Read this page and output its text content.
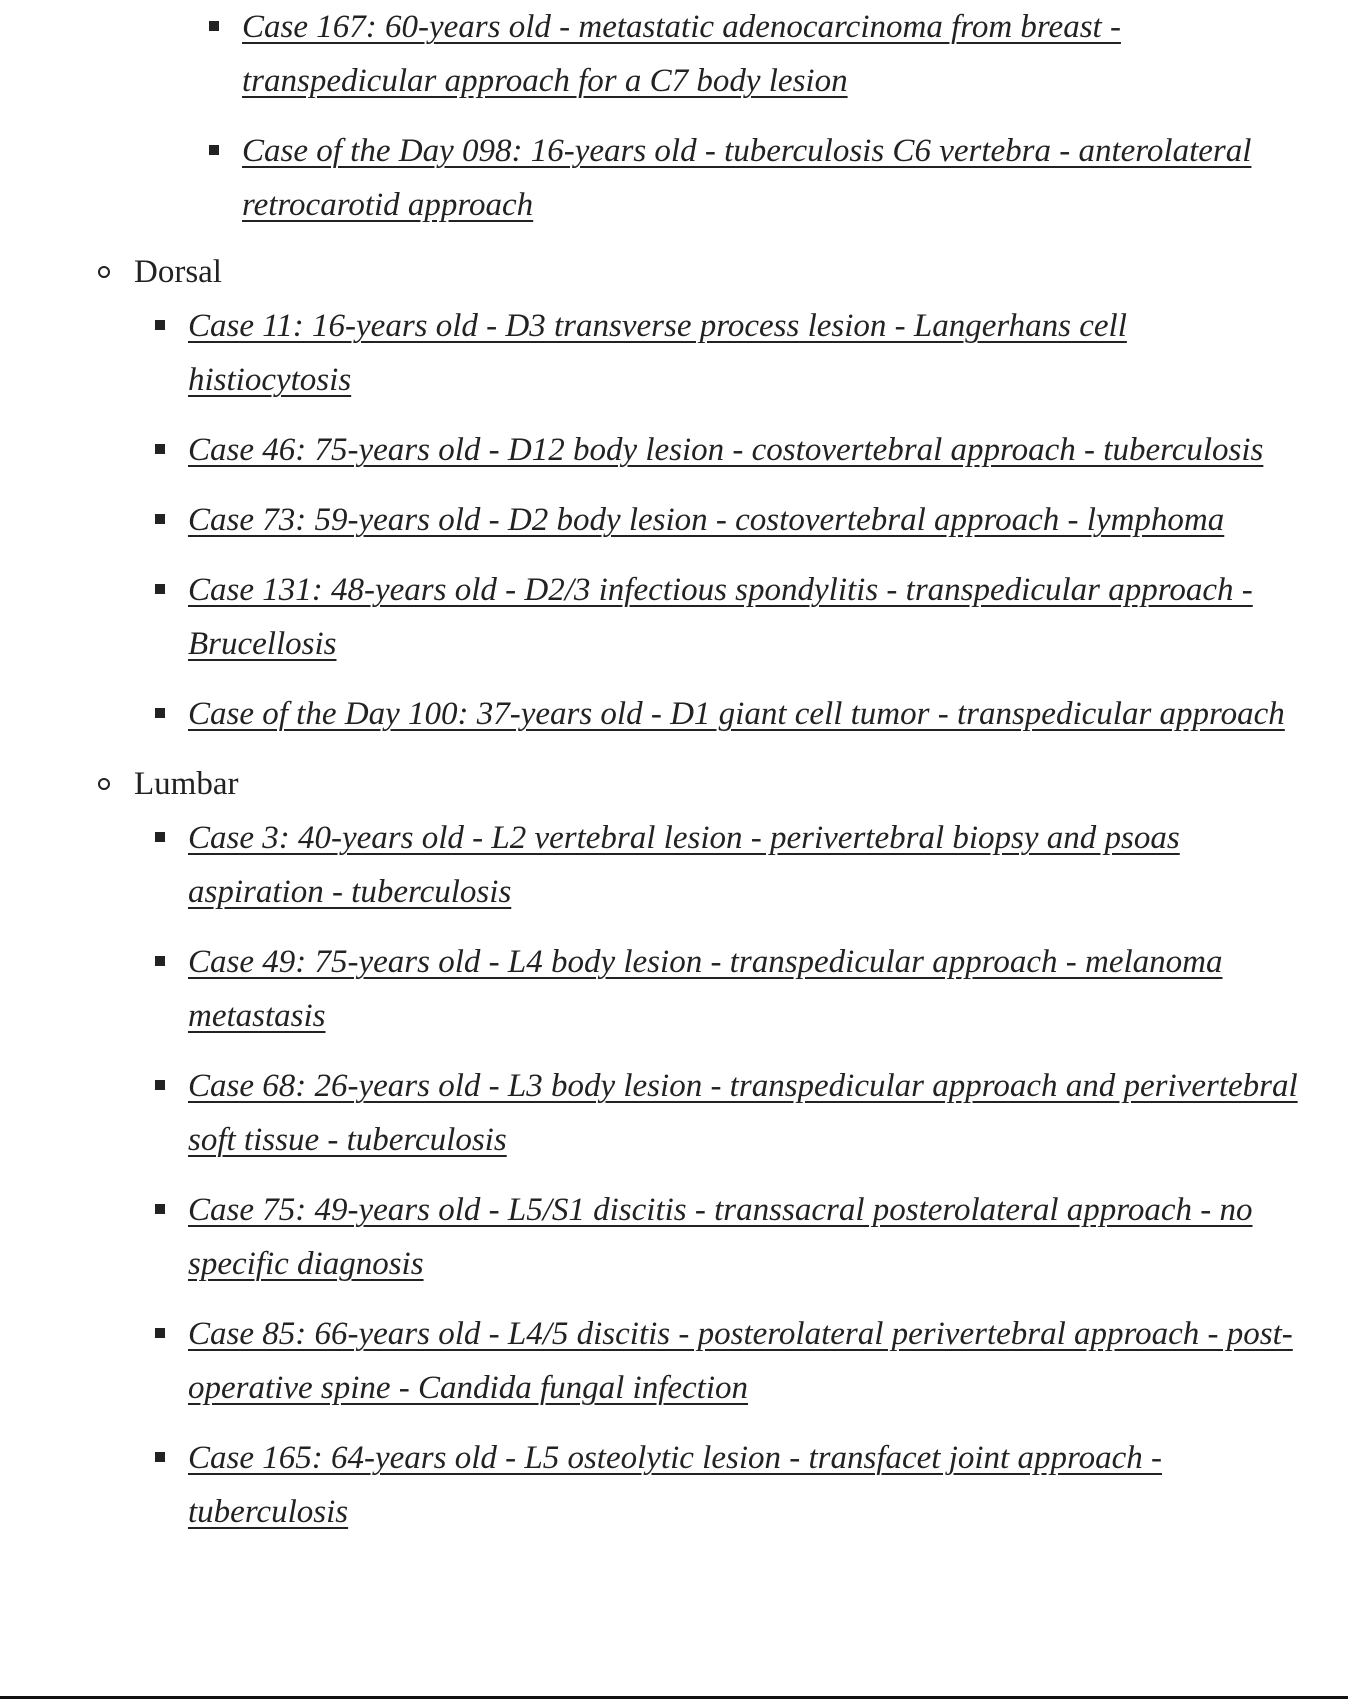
Case 167: 60-years old - metastatic adenocarcinoma from breast - transpedicular approach for a C7 body lesion
Case of the Day 098: 16-years old - tuberculosis C6 vertebra - anterolateral retrocarotid approach
Dorsal
Case 11: 16-years old - D3 transverse process lesion - Langerhans cell histiocytosis
Case 46: 75-years old - D12 body lesion - costovertebral approach - tuberculosis
Case 73: 59-years old - D2 body lesion - costovertebral approach - lymphoma
Case 131: 48-years old - D2/3 infectious spondylitis - transpedicular approach - Brucellosis
Case of the Day 100: 37-years old - D1 giant cell tumor - transpedicular approach
Lumbar
Case 3: 40-years old - L2 vertebral lesion - perivertebral biopsy and psoas aspiration - tuberculosis
Case 49: 75-years old - L4 body lesion - transpedicular approach - melanoma metastasis
Case 68: 26-years old - L3 body lesion - transpedicular approach and perivertebral soft tissue - tuberculosis
Case 75: 49-years old - L5/S1 discitis - transsacral posterolateral approach - no specific diagnosis
Case 85: 66-years old - L4/5 discitis - posterolateral perivertebral approach - post-operative spine - Candida fungal infection
Case 165: 64-years old - L5 osteolytic lesion - transfacet joint approach - tuberculosis
